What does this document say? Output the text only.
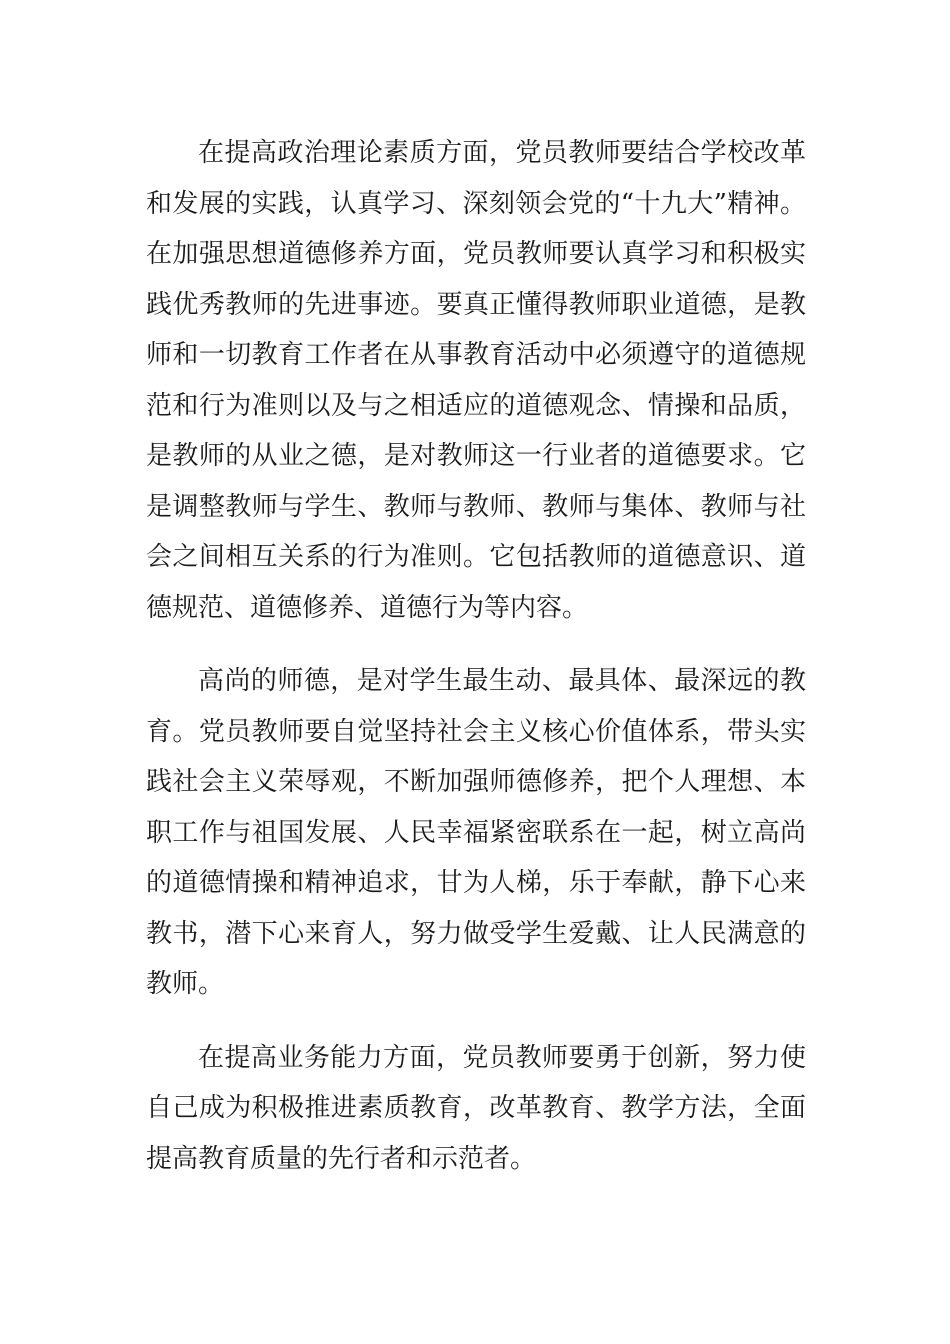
在提高政治理论素质方面，党员教师要结合学校改革
和发展的实践，认真学习、深刻领会党的“十九大”精神。
在加强思想道德修养方面，党员教师要认真学习和积极实
践优秀教师的先进事迹。要真正懂得教师职业道德，是教
师和一切教育工作者在从事教育活动中必须遵守的道德规
范和行为准则以及与之相适应的道德观念、情操和品质，
是教师的从业之德，是对教师这一行业者的道德要求。它
是调整教师与学生、教师与教师、教师与集体、教师与社
会之间相互关系的行为准则。它包括教师的道德意识、道
德规范、道德修养、道德行为等内容。
高尚的师德，是对学生最生动、最具体、最深远的教
育。党员教师要自觉坚持社会主义核心价值体系，带头实
践社会主义荣辱观，不断加强师德修养，把个人理想、本
职工作与祖国发展、人民幸福紧密联系在一起，树立高尚
的道德情操和精神追求，甘为人梯，乐于奉献，静下心来
教书，潜下心来育人，努力做受学生爱戴、让人民满意的
教师。
在提高业务能力方面，党员教师要勇于创新，努力使
自己成为积极推进素质教育，改革教育、教学方法，全面
提高教育质量的先行者和示范者。
